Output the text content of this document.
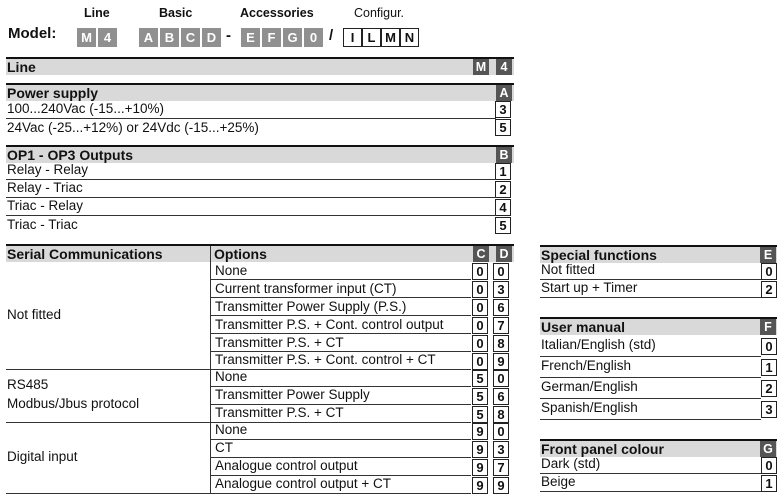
Line	Basic	Accessories	Configur.
Model:	M 4	A B C D -	E F G 0 /	I	L M N
Line	M	4
Power supply	A
100...240Vac (-15...+10%)	3
24Vac (-25...+12%) or 24Vdc (-15...+25%)	5
OP1 - OP3 Outputs	B
Relay - Relay	1
Relay - Triac	2
Triac - Relay	4
Triac - Triac	5
Serial Communications	Options	C D
Not fitted
None	0	0
Current transformer input (CT)	0	3
Transmitter Power Supply (P.S.)	0	6
Transmitter P.S. + Cont. control output	0	7
Transmitter P.S. + CT	0	8
Transmitter P.S. + Cont. control + CT	0	9
RS485
Modbus/Jbus protocol
None	5	0
Transmitter Power Supply	5	6
Transmitter P.S. + CT	5	8
Digital input
None	9	0
CT	9	3
Analogue control output	9	7
Analogue control output + CT	9	9
Special functions	E
Not fitted	0
Start up + Timer	2
User manual	F
Italian/English (std)	0
French/English	1
German/English	2
Spanish/English	3
Front panel colour	G
Dark (std)	0
Beige	1
